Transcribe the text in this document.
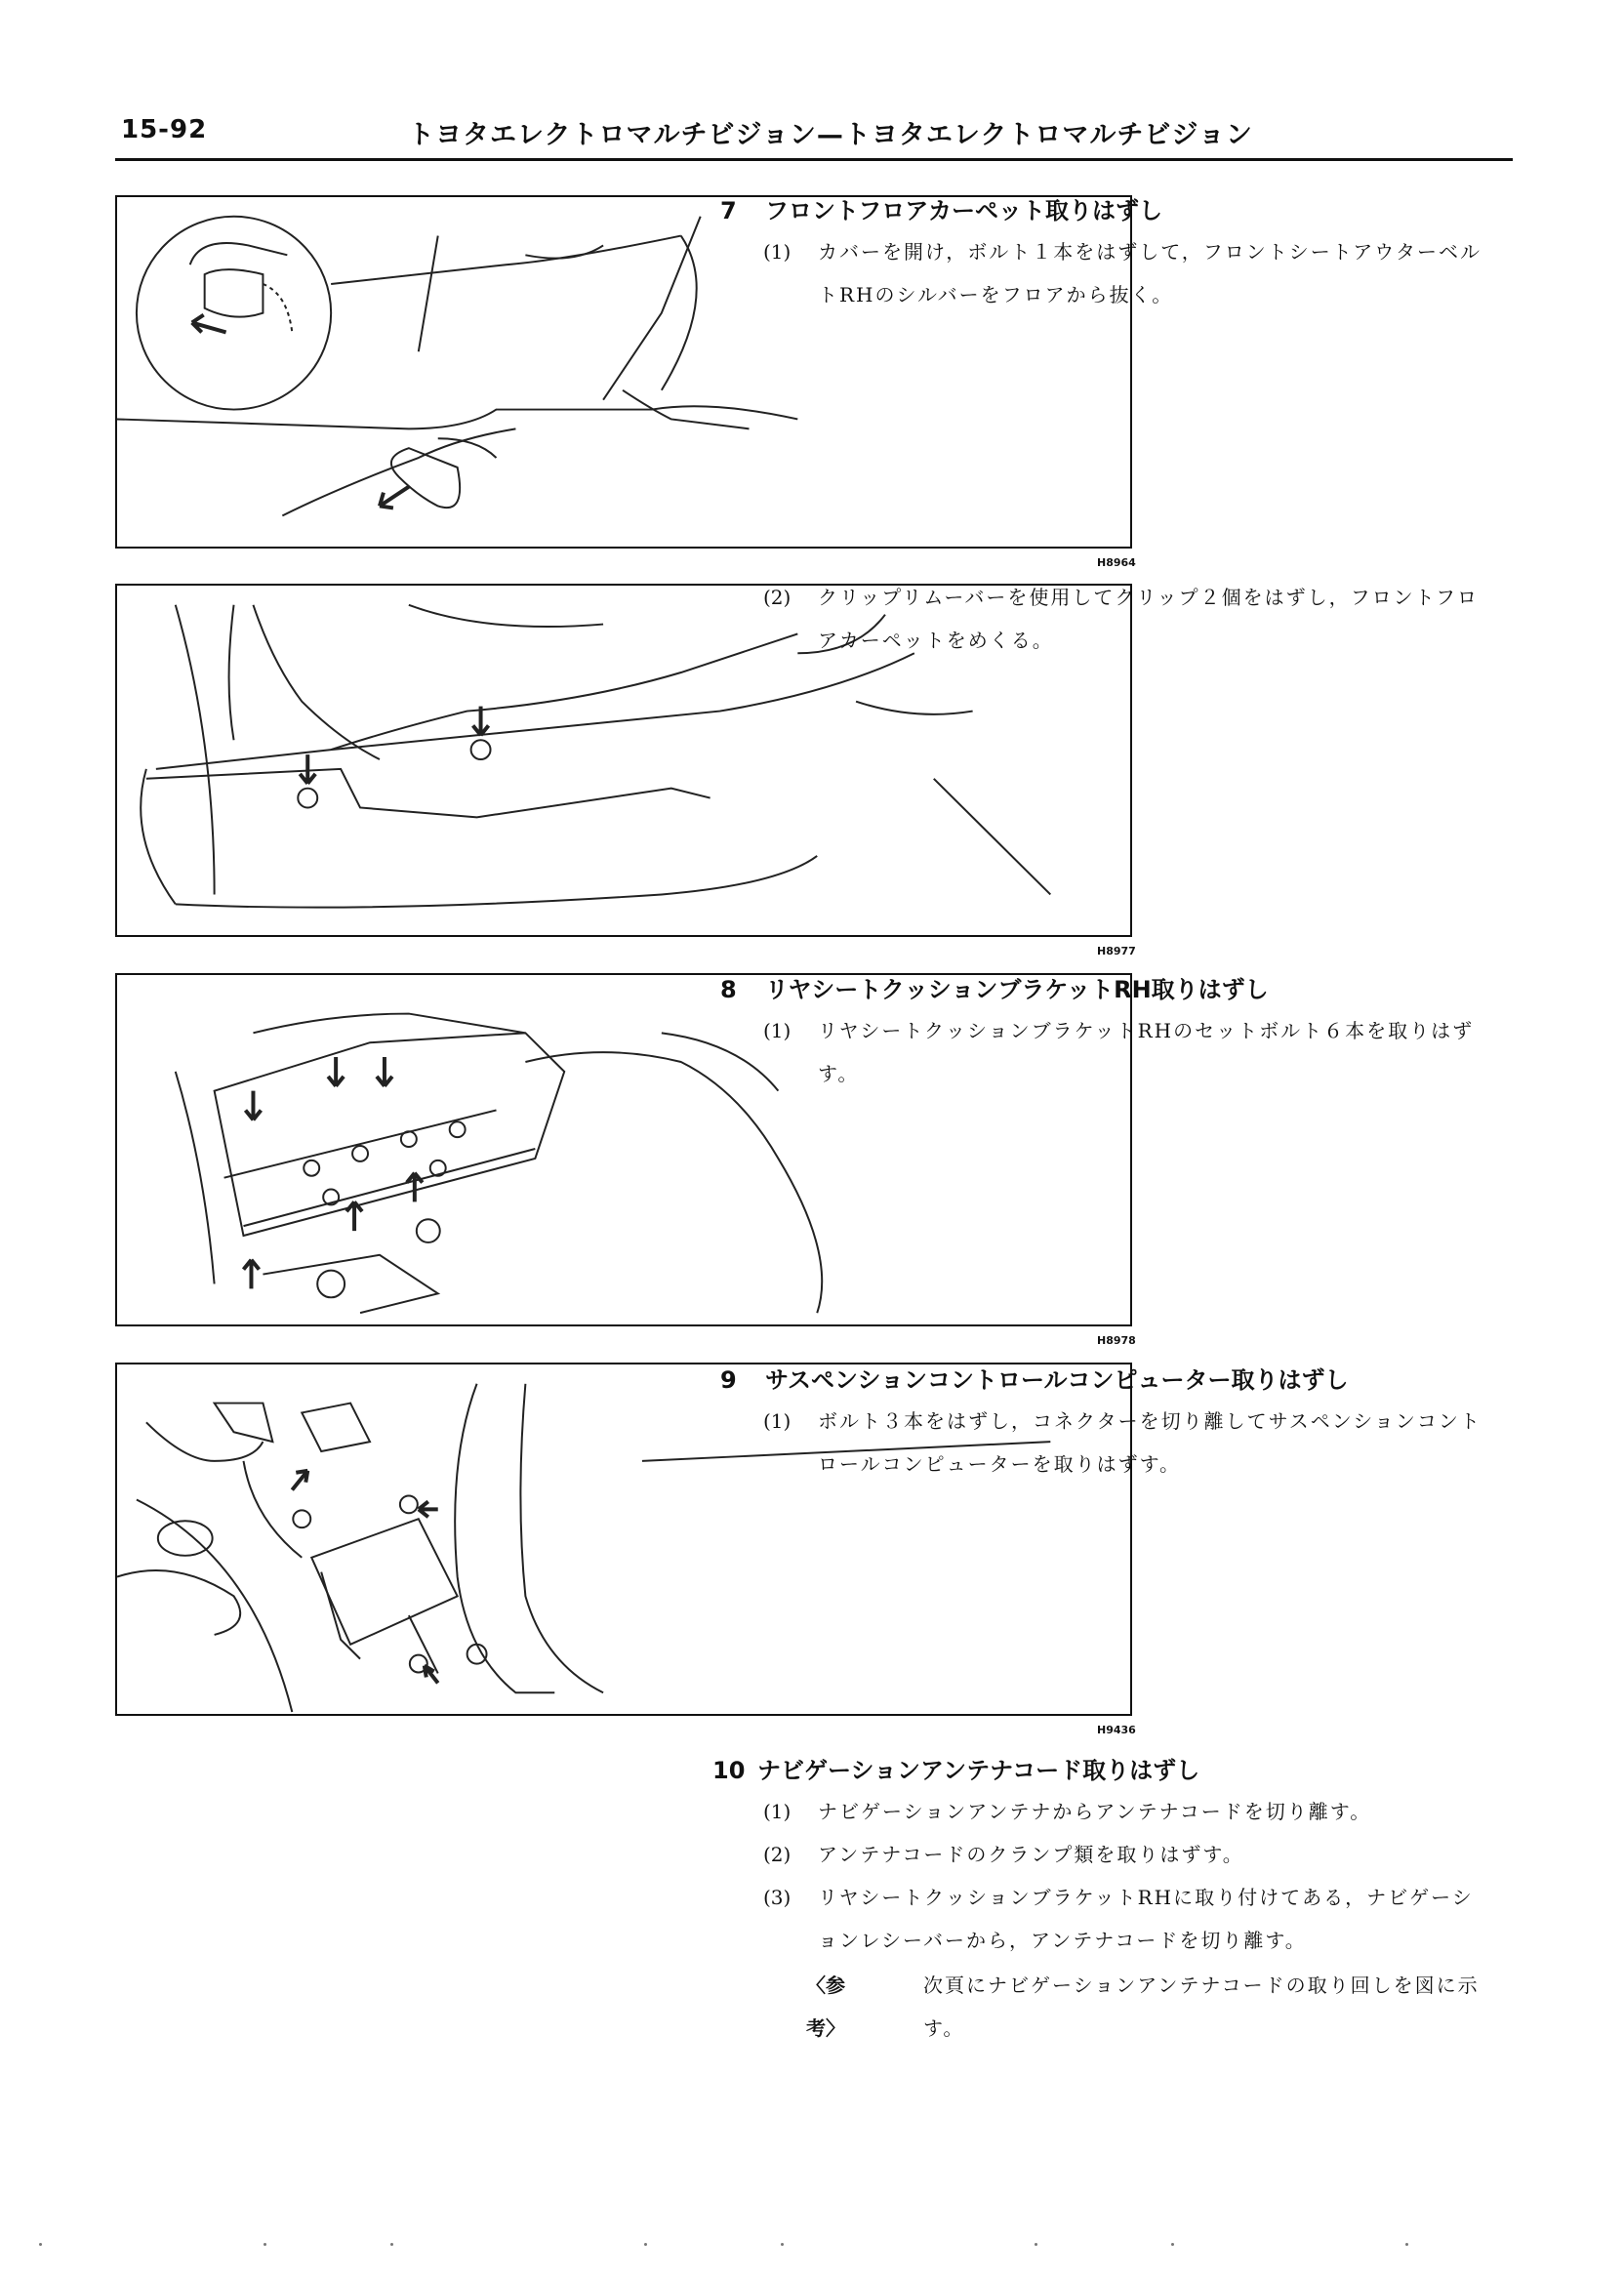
15-92	トヨタエレクトロマルチビジョン—トヨタエレクトロマルチビジョン
H8964
H8977
H8978
H9436
7 フロントフロアカーペット取りはずし
(1) カバーを開け，ボルト１本をはずして，フロントシートアウターベルトRHのシルバーをフロアから抜く。
(2) クリップリムーバーを使用してクリップ２個をはずし，フロントフロアカーペットをめくる。
8 リヤシートクッションブラケットRH取りはずし
(1) リヤシートクッションブラケットRHのセットボルト６本を取りはずす。
9 サスペンションコントロールコンピューター取りはずし
(1) ボルト３本をはずし，コネクターを切り離してサスペンションコントロールコンピューターを取りはずす。
10 ナビゲーションアンテナコード取りはずし
(1) ナビゲーションアンテナからアンテナコードを切り離す。
(2) アンテナコードのクランプ類を取りはずす。
(3) リヤシートクッションブラケットRHに取り付けてある，ナビゲーションレシーバーから，アンテナコードを切り離す。
〈参考〉
次頁にナビゲーションアンテナコードの取り回しを図に示す。
